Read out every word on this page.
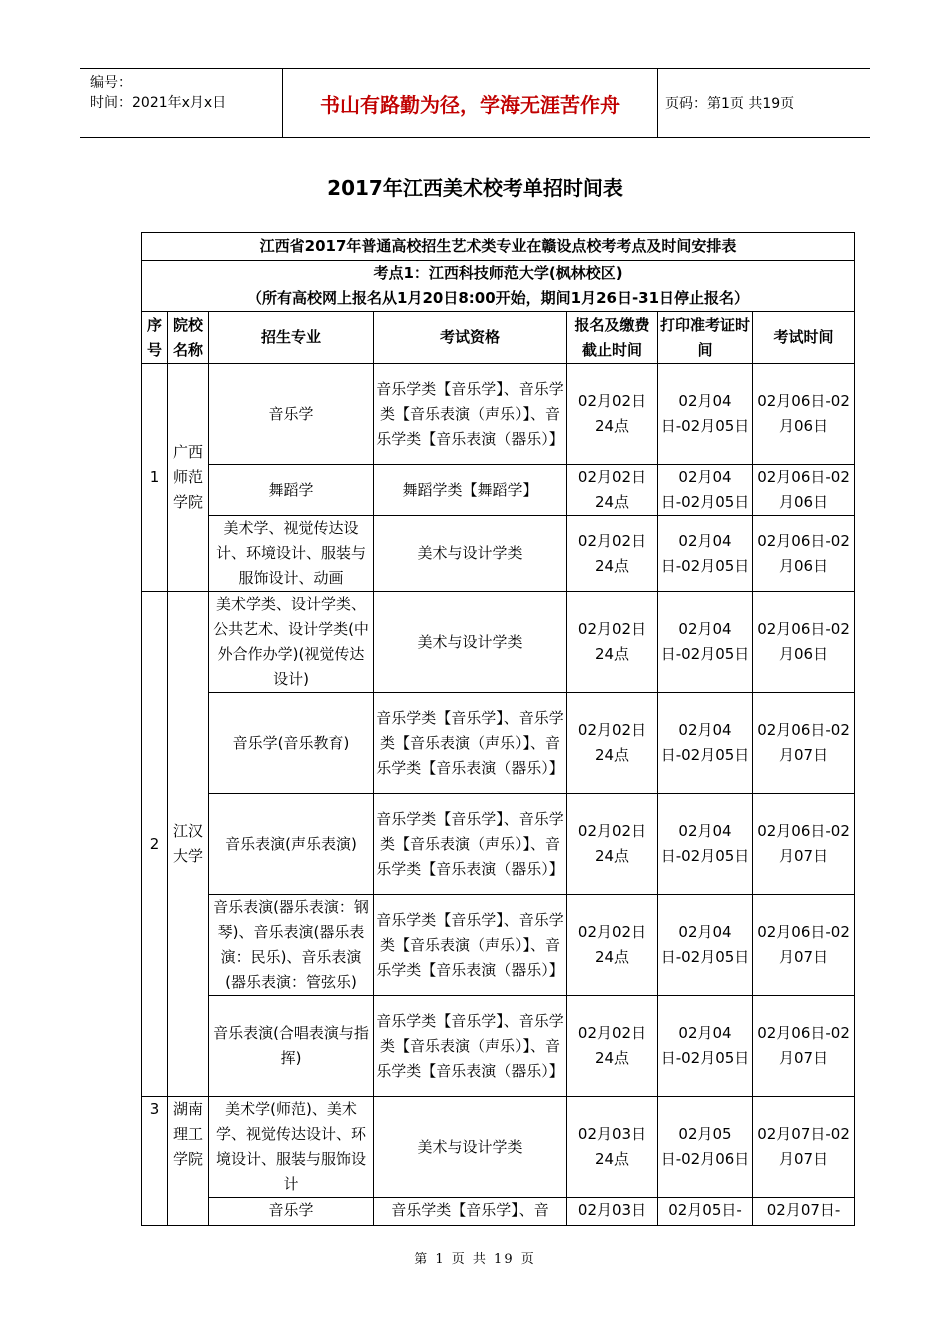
编号：
时间：2021年x月x日	书山有路勤为径，学海无涯苦作舟	页码：第1页 共19页
2017年江西美术校考单招时间表
江西省2017年普通高校招生艺术类专业在赣设点校考考点及时间安排表						

考点1：江西科技师范大学(枫林校区)
（所有高校网上报名从1月20日8:00开始，期间1月26日-31日停止报名）						

序号	院校名称	招生专业	考试资格	报名及缴费截止时间	打印准考证时间	考试时间
1	广西师范学院	音乐学	音乐学类【音乐学】、音乐学类【音乐表演（声乐）】、音乐学类【音乐表演（器乐）】	02月02日24点	02月04日-02月05日	02月06日-02月06日
		舞蹈学	舞蹈学类【舞蹈学】	02月02日24点	02月04日-02月05日	02月06日-02月06日
		美术学、视觉传达设计、环境设计、服装与服饰设计、动画	美术与设计学类	02月02日24点	02月04日-02月05日	02月06日-02月06日
2	江汉大学	美术学类、设计学类、公共艺术、设计学类(中外合作办学)(视觉传达设计)	美术与设计学类	02月02日24点	02月04日-02月05日	02月06日-02月06日
		音乐学(音乐教育)	音乐学类【音乐学】、音乐学类【音乐表演（声乐）】、音乐学类【音乐表演（器乐）】	02月02日24点	02月04日-02月05日	02月06日-02月07日
		音乐表演(声乐表演)	音乐学类【音乐学】、音乐学类【音乐表演（声乐）】、音乐学类【音乐表演（器乐）】	02月02日24点	02月04日-02月05日	02月06日-02月07日
		音乐表演(器乐表演：钢琴)、音乐表演(器乐表演：民乐)、音乐表演(器乐表演：管弦乐)	音乐学类【音乐学】、音乐学类【音乐表演（声乐）】、音乐学类【音乐表演（器乐）】	02月02日24点	02月04日-02月05日	02月06日-02月07日
		音乐表演(合唱表演与指挥)	音乐学类【音乐学】、音乐学类【音乐表演（声乐）】、音乐学类【音乐表演（器乐）】	02月02日24点	02月04日-02月05日	02月06日-02月07日
3	湖南理工学院	美术学(师范)、美术学、视觉传达设计、环境设计、服装与服饰设计	美术与设计学类	02月03日24点	02月05日-02月06日	02月07日-02月07日
		音乐学	音乐学类【音乐学】、音	02月03日	02月05日-	02月07日-
第 1 页 共 19 页
